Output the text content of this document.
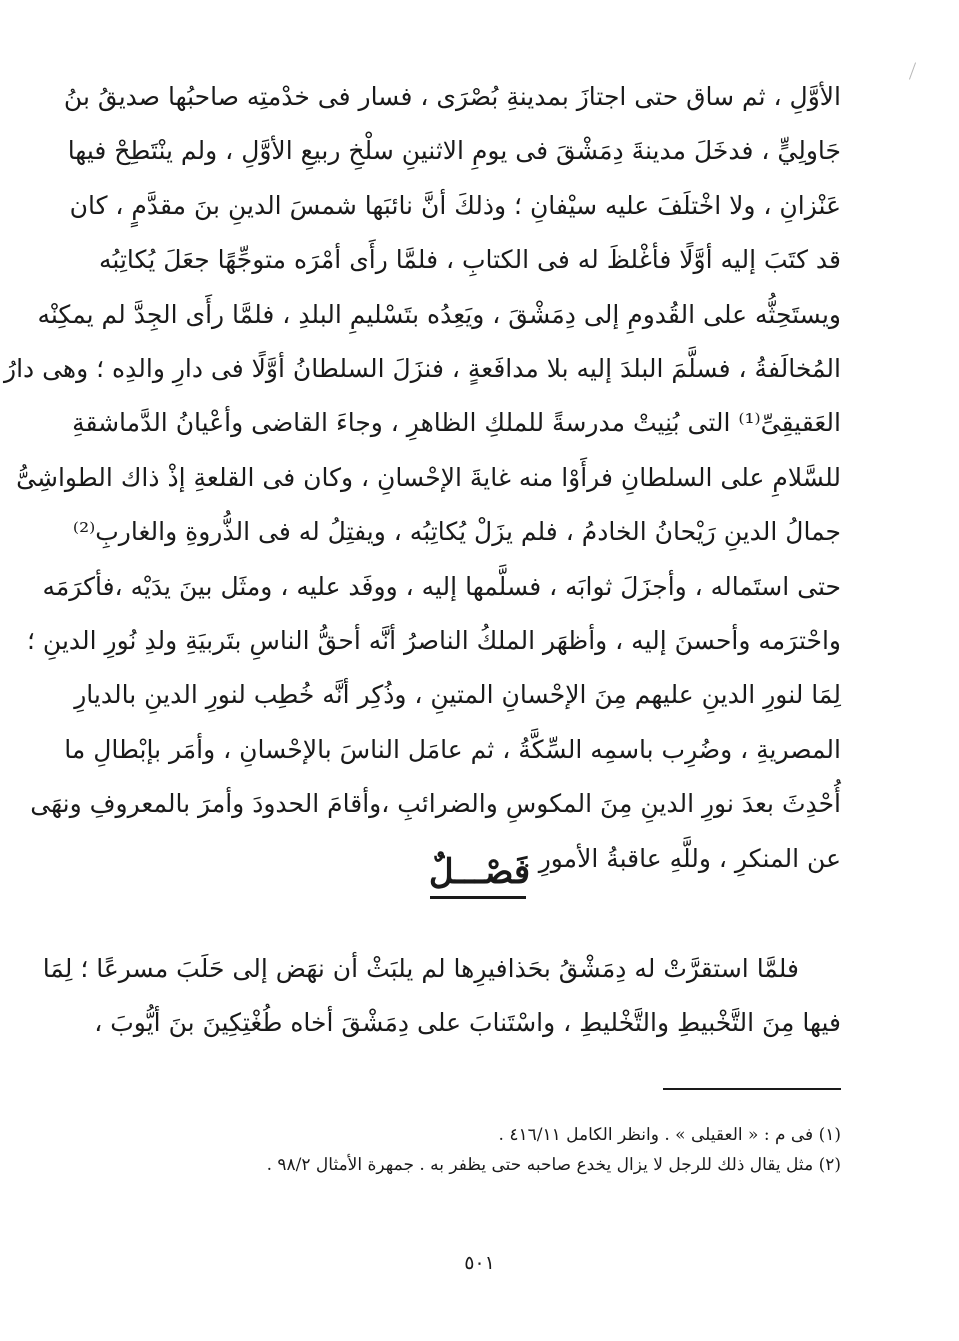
الأوَّلِ ، ثم ساق حتى اجتازَ بمدينةِ بُصْرَى ، فسار فى خدْمتِه صاحبُها صديقُ بنُ
جَاولِيٍّ ، فدخَلَ مدينةَ دِمَشْقَ فى يومِ الاثنينِ سلْخِ ربيعِ الأوَّلِ ، ولم ينْتَطِحْ فيها
عَنْزانِ ، ولا اخْتلَفَ عليه سيْفانِ ؛ وذلكَ أنَّ نائبَها شمسَ الدينِ بنَ مقدَّمٍ ، كان
قد كتَبَ إليه أوَّلًا فأغْلظَ له فى الكتابِ ، فلمَّا رأَى أمْرَه متوجِّهًا جعَلَ يُكاتِبُه
ويستَحِثُّه على القُدومِ إلى دِمَشْقَ ، ويَعِدُه بتَسْليمِ البلدِ ، فلمَّا رأَى الجِدَّ لم يمكِنْه
المُخالَفةُ ، فسلَّمَ البلدَ إليه بلا مدافَعةٍ ، فنزَلَ السلطانُ أوَّلًا فى دارِ والدِه ؛ وهى دارُ
العَقيقِىِّ⁽¹⁾ التى بُنِيتْ مدرسةً للملكِ الظاهرِ ، وجاءَ القاضى وأعْيانُ الدَّماشقةِ
للسَّلامِ على السلطانِ فرأَوْا منه غايةَ الإحْسانِ ، وكان فى القلعةِ إذْ ذاك الطواشِىُّ
جمالُ الدينِ رَيْحانُ الخادمُ ، فلم يزَلْ يُكاتِبُه ، ويفتِلُ له فى الذُّروةِ والغاربِ⁽²⁾
حتى استَماله ، وأجزَلَ ثوابَه ، فسلَّمها إليه ، ووفَد عليه ، ومثَل بينَ يدَيْه ،فأكرَمَه
واحْترَمه وأحسنَ إليه ، وأظهَر الملكُ الناصرُ أنَّه أحقُّ الناسِ بتَربيَةِ ولدِ نُورِ الدينِ ؛
لِمَا لنورِ الدينِ عليهم مِنَ الإحْسانِ المتينِ ، وذُكِر أنَّه خُطِب لنورِ الدينِ بالديارِ
المصريةِ ، وضُرِب باسمِه السِّكَّةُ ، ثم عامَل الناسَ بالإحْسانِ ، وأمَر بإبْطالِ ما
أُحْدِثَ بعدَ نورِ الدينِ مِنَ المكوسِ والضرائبِ ،وأقامَ الحدودَ وأمرَ بالمعروفِ ونهَى
عن المنكرِ ، وللَّهِ عاقبةُ الأمورِ .
فَصْـــلٌ
فلمَّا استقرَّتْ له دِمَشْقُ بحَذافيرِها لم يلبَثْ أن نهَض إلى حَلَبَ مسرعًا ؛ لِمَا
فيها مِنَ التَّخْبيطِ والتَّخْليطِ ، واسْتَنابَ على دِمَشْقَ أخاه طُغْتِكِينَ بنَ أيُّوبَ ،
(١) فى م : « العقيلى » . وانظر الكامل ٤١٦/١١ .
(٢) مثل يقال ذلك للرجل لا يزال يخدع صاحبه حتى يظفر به . جمهرة الأمثال ٩٨/٢ .
٥٠١
